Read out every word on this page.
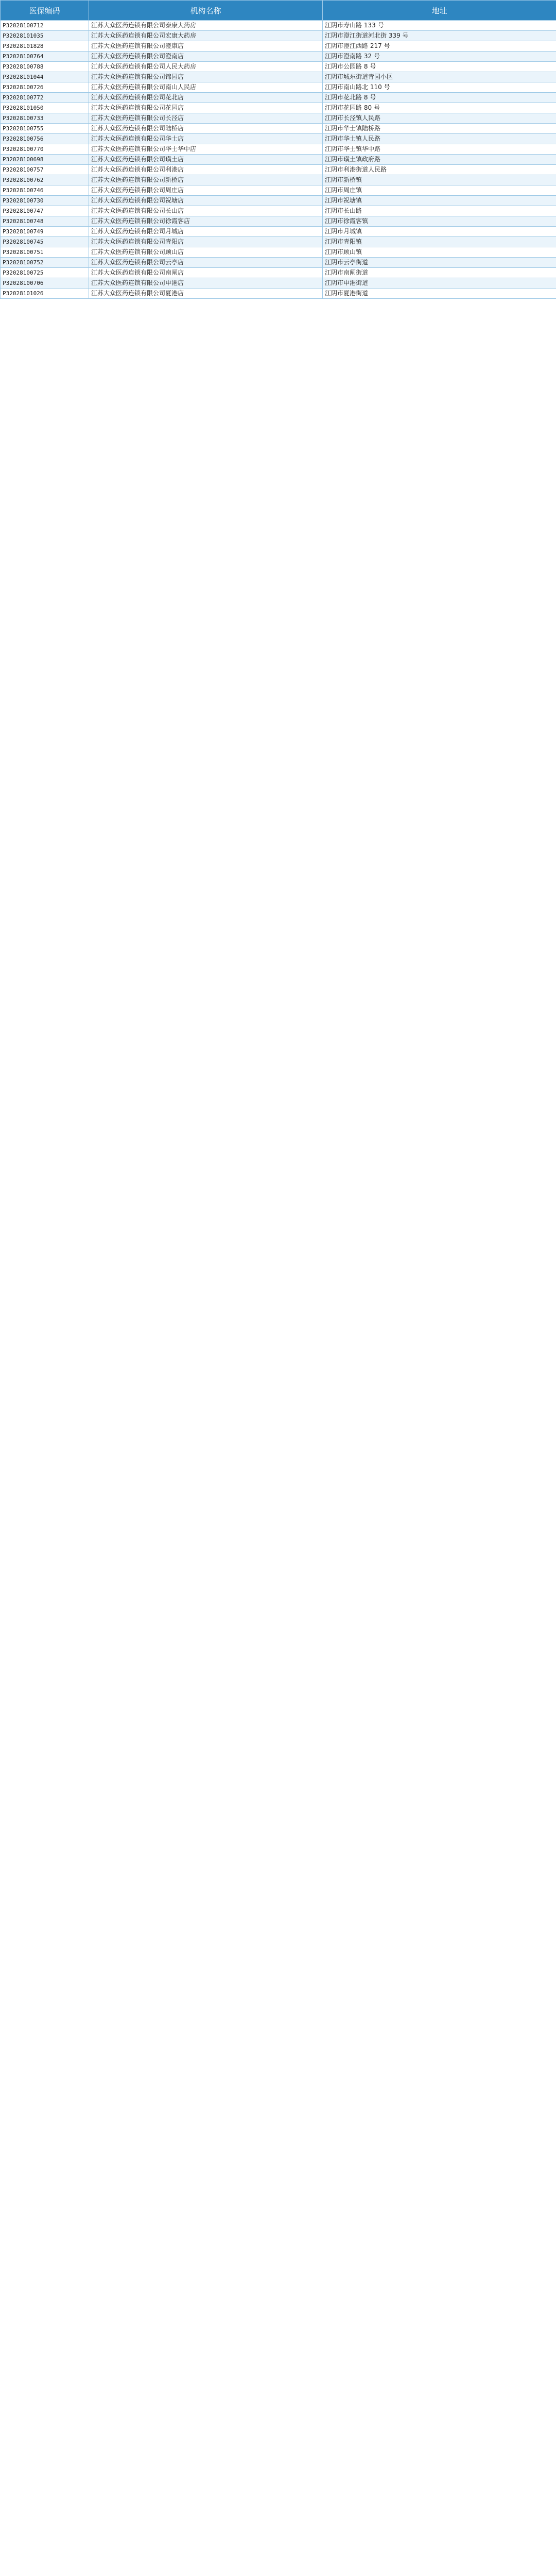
医保编码	机构名称	地址
P32028100712	江苏大众医药连锁有限公司泰康大药房	江阴市寿山路 133 号
P32028101035	江苏大众医药连锁有限公司宏康大药房	江阴市澄江街道河北街 339 号
P32028101828	江苏大众医药连锁有限公司澄康店	江阴市澄江西路 217 号
P32028100764	江苏大众医药连锁有限公司澄南店	江阴市澄南路 32 号
P32028100788	江苏大众医药连锁有限公司人民大药房	江阴市公园路 8 号
P32028101044	江苏大众医药连锁有限公司锦园店	江阴市城东街道青园小区
P32028100726	江苏大众医药连锁有限公司南山人民店	江阴市南山路北 110 号
P32028100772	江苏大众医药连锁有限公司花北店	江阴市花北路 8 号
P32028101050	江苏大众医药连锁有限公司花园店	江阴市花园路 80 号
P32028100733	江苏大众医药连锁有限公司长泾店	江阴市长泾镇人民路
P32028100755	江苏大众医药连锁有限公司陆桥店	江阴市华士镇陆桥路
P32028100756	江苏大众医药连锁有限公司华士店	江阴市华士镇人民路
P32028100770	江苏大众医药连锁有限公司华士华中店	江阴市华士镇华中路
P32028100698	江苏大众医药连锁有限公司璜土店	江阴市璜土镇政府路
P32028100757	江苏大众医药连锁有限公司利港店	江阴市利港街道人民路
P32028100762	江苏大众医药连锁有限公司新桥店	江阴市新桥镇
P32028100746	江苏大众医药连锁有限公司周庄店	江阴市周庄镇
P32028100730	江苏大众医药连锁有限公司祝塘店	江阴市祝塘镇
P32028100747	江苏大众医药连锁有限公司长山店	江阴市长山路
P32028100748	江苏大众医药连锁有限公司徐霞客店	江阴市徐霞客镇
P32028100749	江苏大众医药连锁有限公司月城店	江阴市月城镇
P32028100745	江苏大众医药连锁有限公司青阳店	江阴市青阳镇
P32028100751	江苏大众医药连锁有限公司顾山店	江阴市顾山镇
P32028100752	江苏大众医药连锁有限公司云亭店	江阴市云亭街道
P32028100725	江苏大众医药连锁有限公司南闸店	江阴市南闸街道
P32028100706	江苏大众医药连锁有限公司申港店	江阴市申港街道
P32028101026	江苏大众医药连锁有限公司夏港店	江阴市夏港街道
